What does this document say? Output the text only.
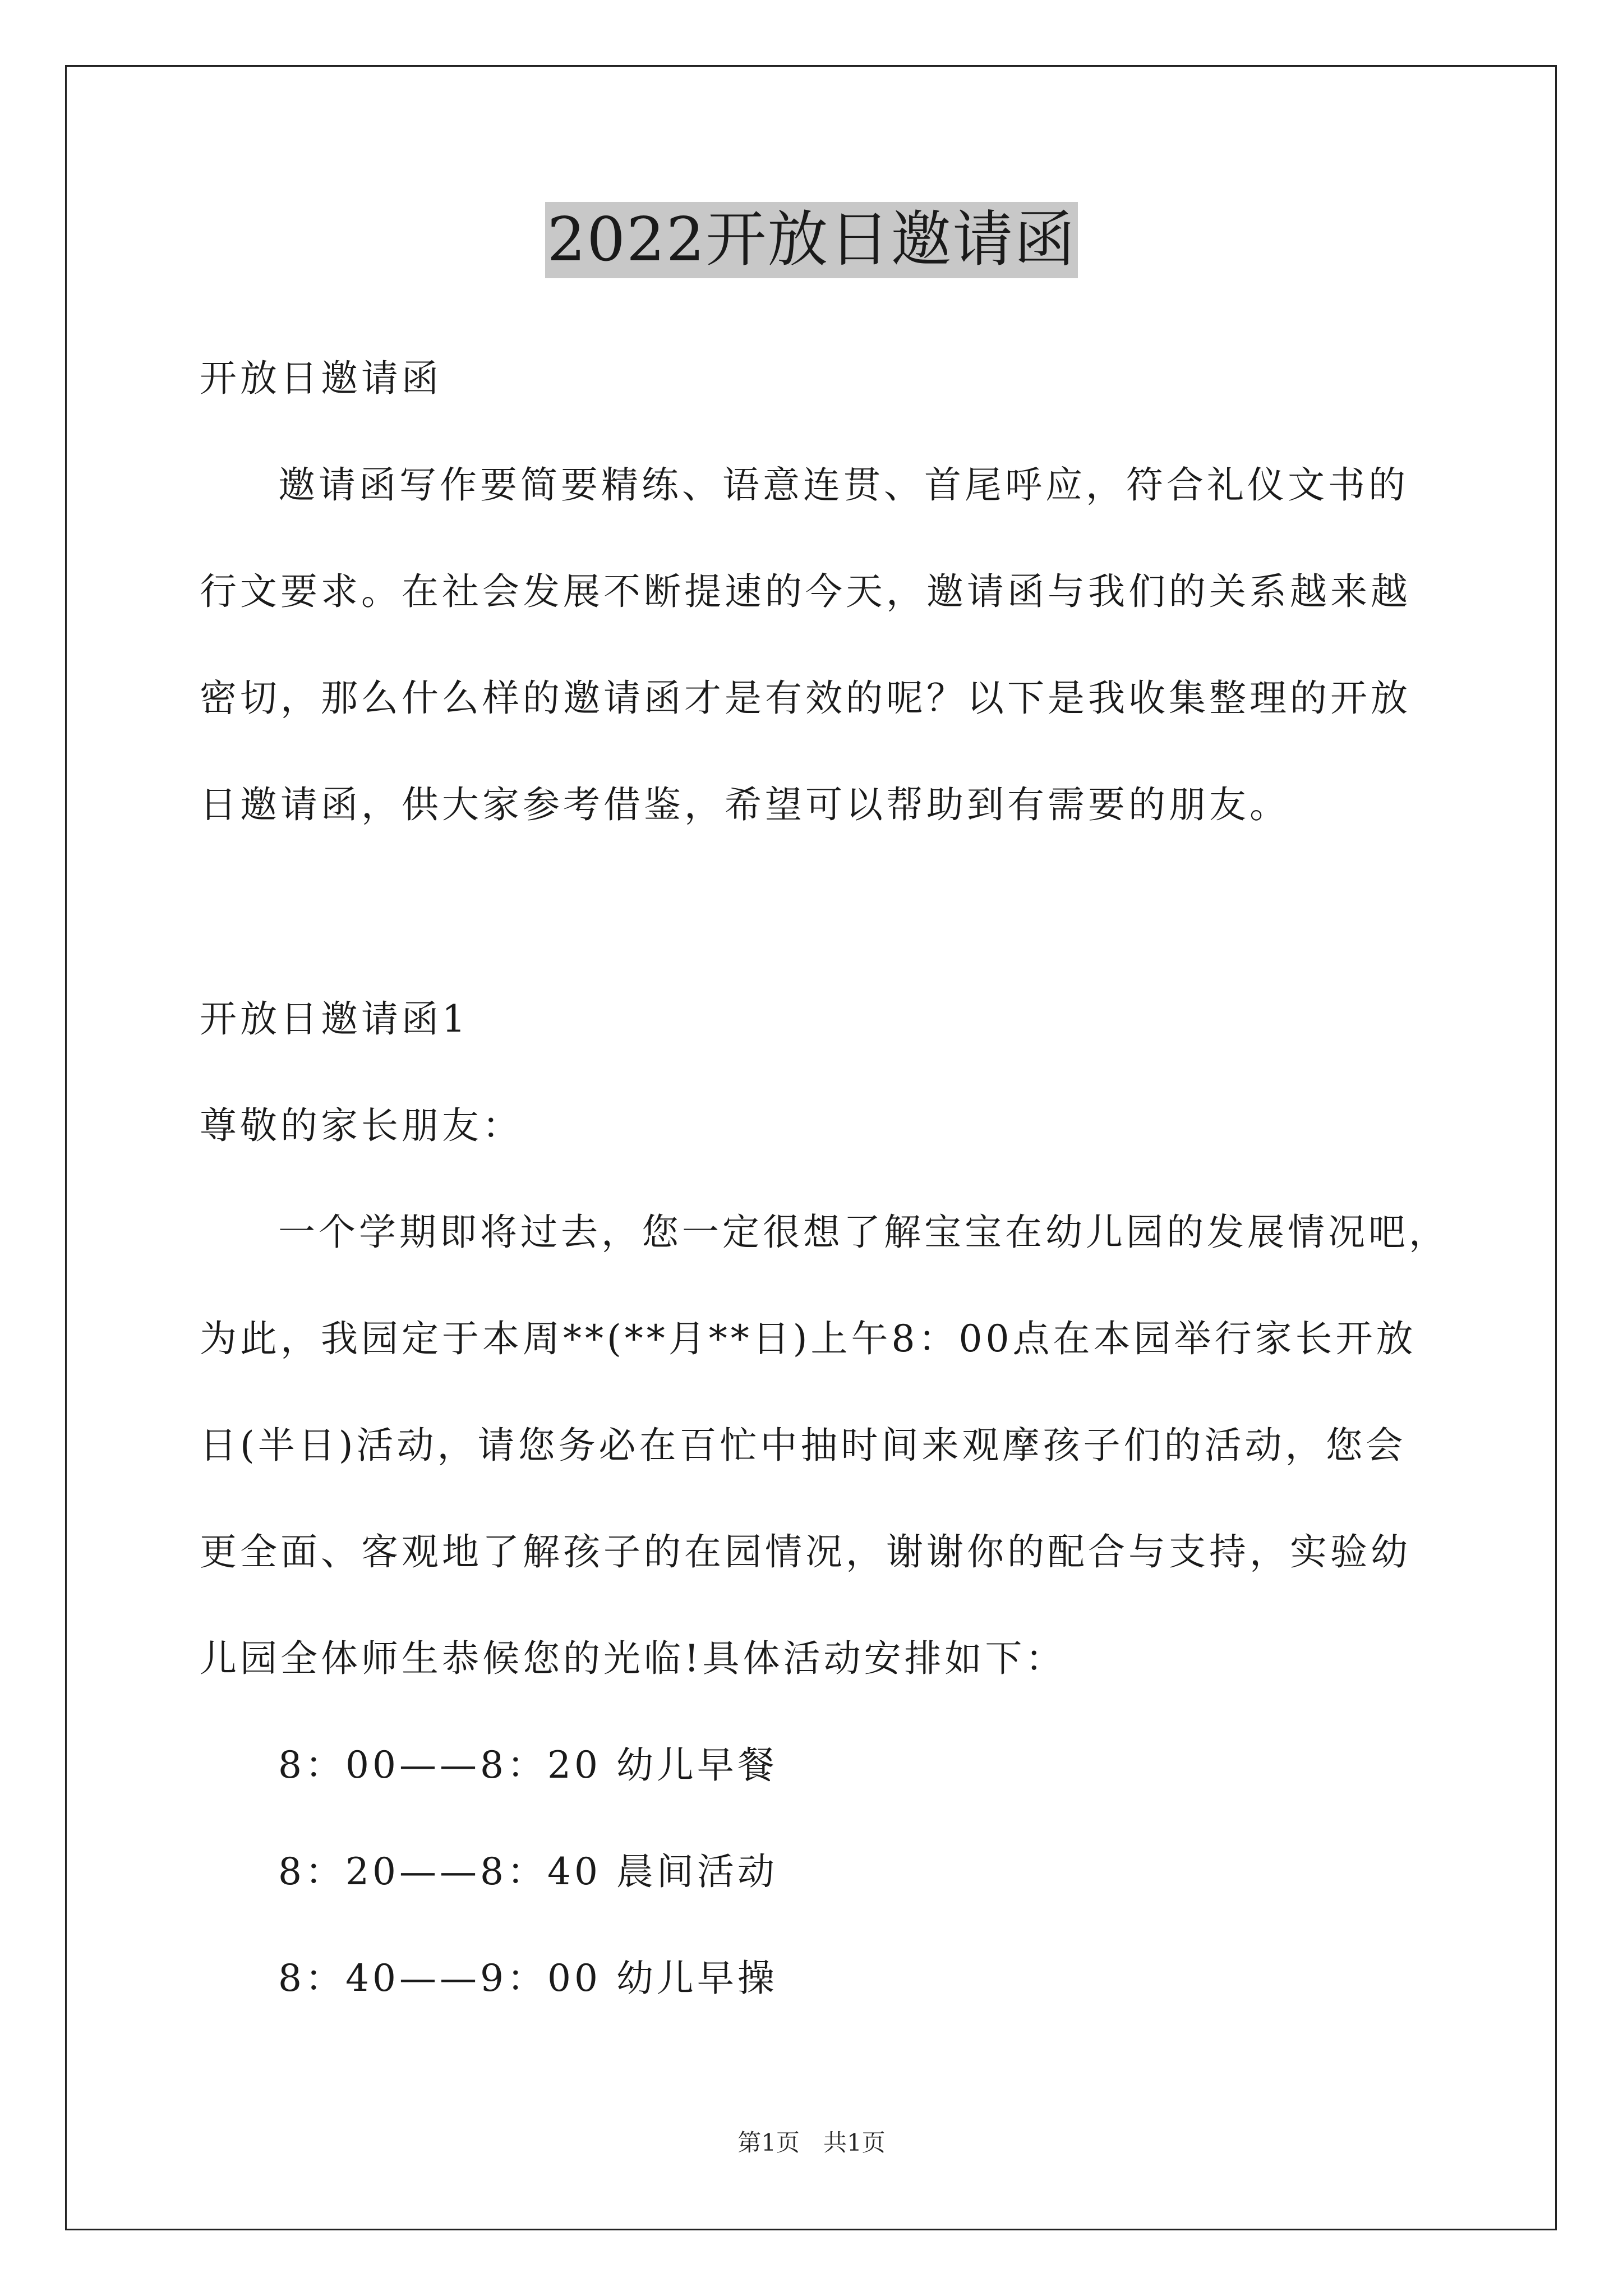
2022开放日邀请函
开放日邀请函
邀请函写作要简要精练、语意连贯、首尾呼应，符合礼仪文书的
行文要求。在社会发展不断提速的今天，邀请函与我们的关系越来越
密切，那么什么样的邀请函才是有效的呢？以下是我收集整理的开放
日邀请函，供大家参考借鉴，希望可以帮助到有需要的朋友。
开放日邀请函1
尊敬的家长朋友：
一个学期即将过去，您一定很想了解宝宝在幼儿园的发展情况吧，
为此，我园定于本周**(**月**日)上午8：00点在本园举行家长开放
日(半日)活动，请您务必在百忙中抽时间来观摩孩子们的活动，您会
更全面、客观地了解孩子的在园情况，谢谢你的配合与支持，实验幼
儿园全体师生恭候您的光临!具体活动安排如下：
8：00——8：20 幼儿早餐
8：20——8：40 晨间活动
8：40——9：00 幼儿早操
第1页　共1页
